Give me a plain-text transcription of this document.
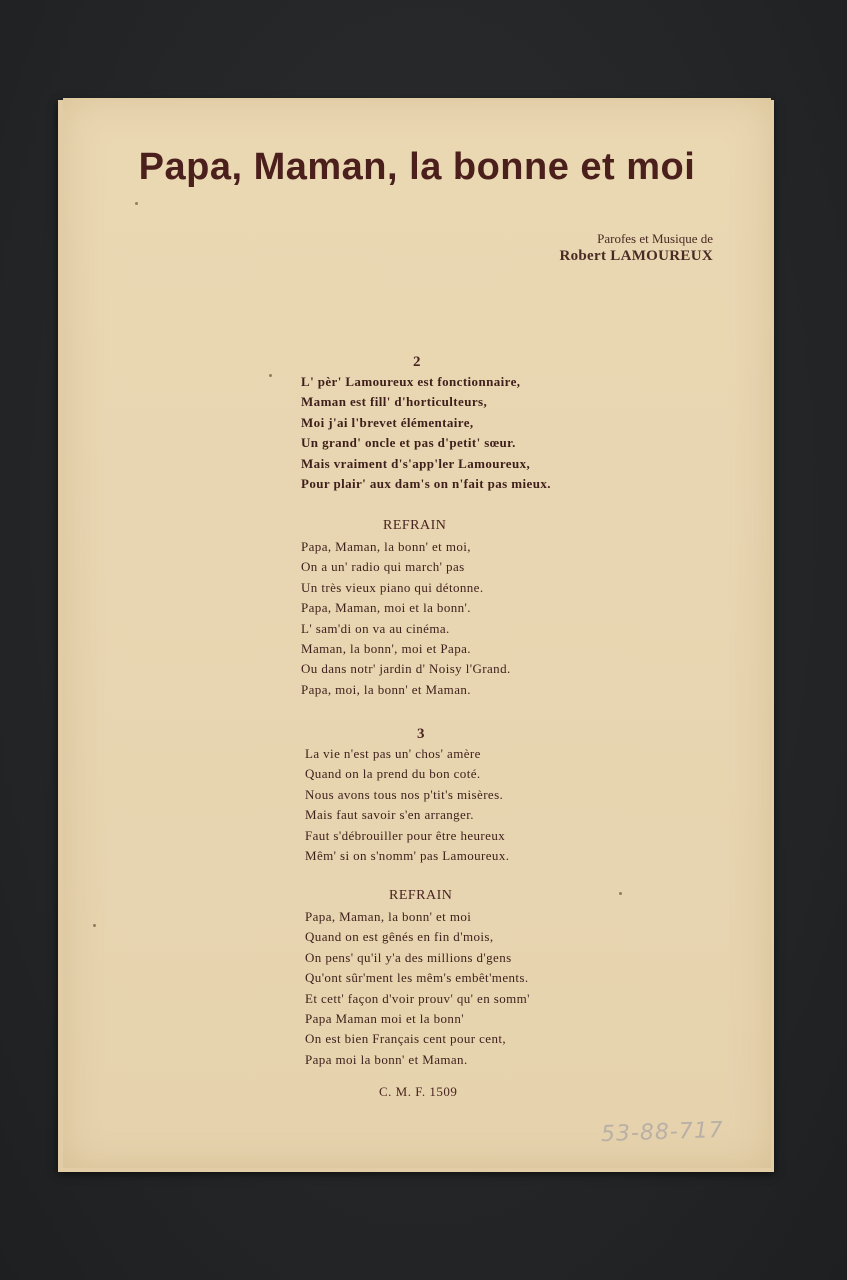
Papa, Maman, la bonne et moi
Parofes et Musique de
Robert LAMOUREUX
2
L' pèr' Lamoureux est fonctionnaire,
Maman est fill' d'horticulteurs,
Moi j'ai l'brevet élémentaire,
Un grand' oncle et pas d'petit' sœur.
Mais vraiment d's'app'ler Lamoureux,
Pour plair' aux dam's on n'fait pas mieux.
REFRAIN
Papa, Maman, la bonn' et moi,
On a un' radio qui march' pas
Un très vieux piano qui détonne.
Papa, Maman, moi et la bonn'.
L' sam'di on va au cinéma.
Maman, la bonn', moi et Papa.
Ou dans notr' jardin d' Noisy l'Grand.
Papa, moi, la bonn' et Maman.
3
La vie n'est pas un' chos' amère
Quand on la prend du bon coté.
Nous avons tous nos p'tit's misères.
Mais faut savoir s'en arranger.
Faut s'débrouiller pour être heureux
Mêm' si on s'nomm' pas Lamoureux.
REFRAIN
Papa, Maman, la bonn' et moi
Quand on est gênés en fin d'mois,
On pens' qu'il y'a des millions d'gens
Qu'ont sûr'ment les mêm's embêt'ments.
Et cett' façon d'voir prouv' qu' en somm'
Papa Maman moi et la bonn'
On est bien Français cent pour cent,
Papa moi la bonn' et Maman.
C. M. F. 1509
53-88-717
